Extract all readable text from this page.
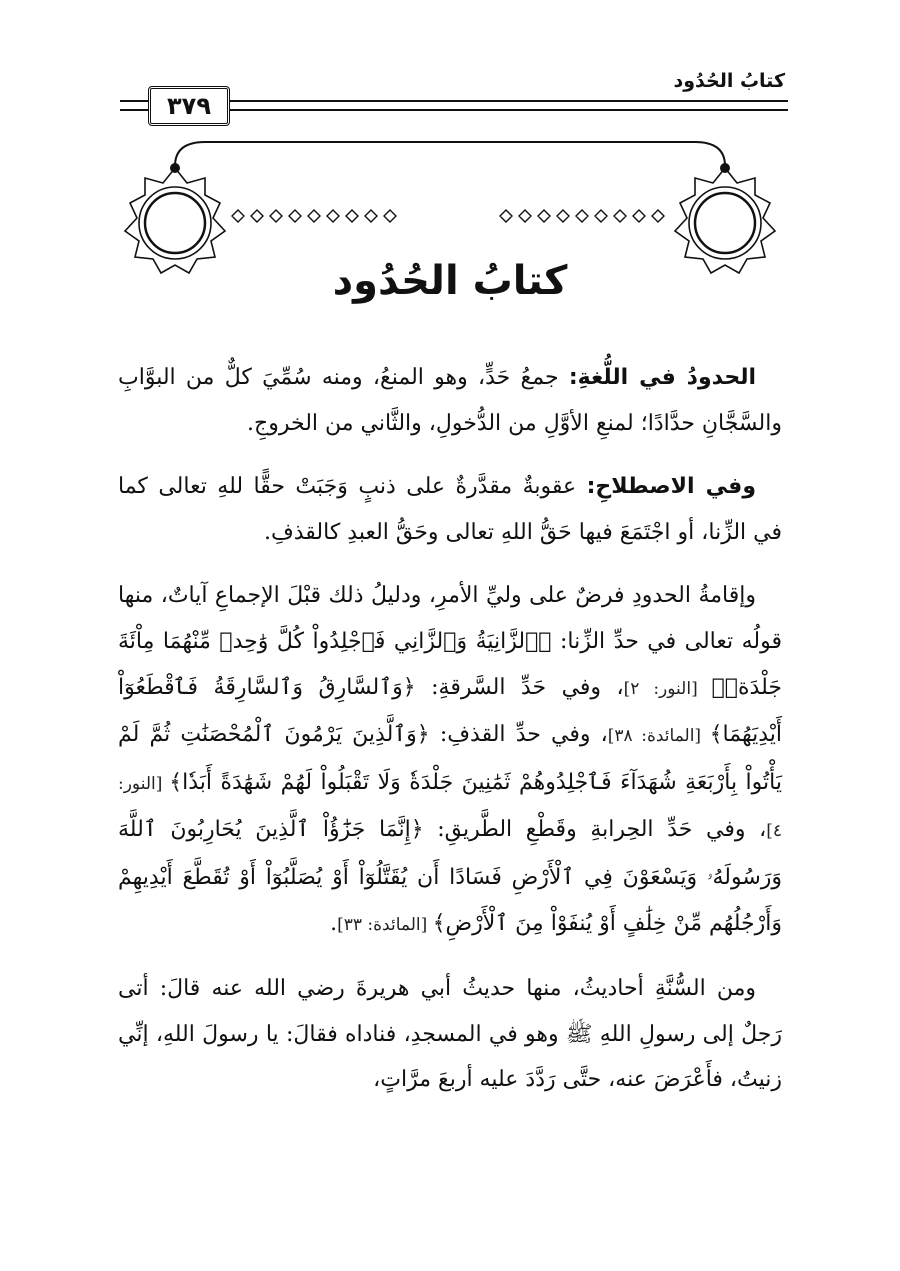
كتابُ الحُدُود
٣٧٩
كتابُ الحُدُود

الحدودُ في اللُّغةِ: جمعُ حَدٍّ، وهو المنعُ، ومنه سُمِّيَ كلٌّ من البوَّابِ والسَّجَّانِ حدَّادًا؛ لمنعِ الأوَّلِ من الدُّخولِ، والثَّاني من الخروجِ.

وفي الاصطلاحِ: عقوبةٌ مقدَّرةٌ على ذنبٍ وَجَبَتْ حقًّا للهِ تعالى كما في الزِّنا، أو اجْتَمَعَ فيها حَقُّ اللهِ تعالى وحَقُّ العبدِ كالقذفِ.

وإقامةُ الحدودِ فرضٌ على وليِّ الأمرِ، ودليلُ ذلك قبْلَ الإجماعِ آياتٌ، منها قولُه تعالى في حدِّ الزِّنا: ﴿ٱلزَّانِيَةُ وَٱلزَّانِي فَٱجْلِدُواْ كُلَّ وَٰحِدٖ مِّنْهُمَا مِاْئَةَ جَلْدَةٖ﴾ [النور: ٢]، وفي حَدِّ السَّرقةِ: ﴿وَٱلسَّارِقُ وَٱلسَّارِقَةُ فَٱقْطَعُوٓاْ أَيْدِيَهُمَا﴾ [المائدة: ٣٨]، وفي حدِّ القذفِ: ﴿وَٱلَّذِينَ يَرْمُونَ ٱلْمُحْصَنَٰتِ ثُمَّ لَمْ يَأْتُواْ بِأَرْبَعَةِ شُهَدَآءَ فَٱجْلِدُوهُمْ ثَمَٰنِينَ جَلْدَةٗ وَلَا تَقْبَلُواْ لَهُمْ شَهَٰدَةً أَبَدٗا﴾ [النور: ٤]، وفي حَدِّ الحِرابةِ وقَطْعِ الطَّريقِ: ﴿إِنَّمَا جَزَٰٓؤُاْ ٱلَّذِينَ يُحَارِبُونَ ٱللَّهَ وَرَسُولَهُۥ وَيَسْعَوْنَ فِي ٱلْأَرْضِ فَسَادًا أَن يُقَتَّلُوٓاْ أَوْ يُصَلَّبُوٓاْ أَوْ تُقَطَّعَ أَيْدِيهِمْ وَأَرْجُلُهُم مِّنْ خِلَٰفٍ أَوْ يُنفَوْاْ مِنَ ٱلْأَرْضِ﴾ [المائدة: ٣٣].

ومن السُّنَّةِ أحاديثُ، منها حديثُ أبي هريرةَ رضي الله عنه قالَ: أتى رَجلٌ إلى رسولِ اللهِ ﷺ وهو في المسجدِ، فناداه فقالَ: يا رسولَ اللهِ، إنِّي زنيتُ، فأَعْرَضَ عنه، حتَّى رَدَّدَ عليه أربعَ مرَّاتٍ،
